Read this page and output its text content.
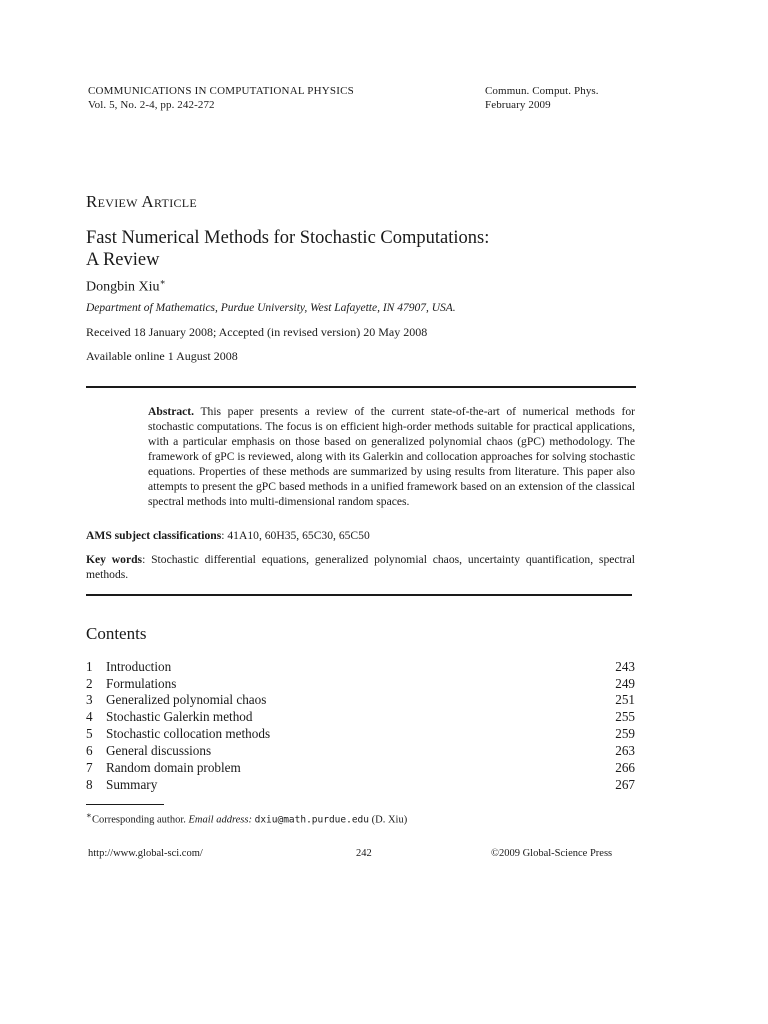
COMMUNICATIONS IN COMPUTATIONAL PHYSICS
Vol. 5, No. 2-4, pp. 242-272
Commun. Comput. Phys.
February 2009
Review Article
Fast Numerical Methods for Stochastic Computations:
A Review
Dongbin Xiu∗
Department of Mathematics, Purdue University, West Lafayette, IN 47907, USA.
Received 18 January 2008; Accepted (in revised version) 20 May 2008
Available online 1 August 2008
Abstract. This paper presents a review of the current state-of-the-art of numerical methods for stochastic computations. The focus is on efficient high-order methods suitable for practical applications, with a particular emphasis on those based on generalized polynomial chaos (gPC) methodology. The framework of gPC is reviewed, along with its Galerkin and collocation approaches for solving stochastic equations. Properties of these methods are summarized by using results from literature. This paper also attempts to present the gPC based methods in a unified framework based on an extension of the classical spectral methods into multi-dimensional random spaces.
AMS subject classifications: 41A10, 60H35, 65C30, 65C50
Key words: Stochastic differential equations, generalized polynomial chaos, uncertainty quantification, spectral methods.
Contents
1 Introduction	243
2 Formulations	249
3 Generalized polynomial chaos	251
4 Stochastic Galerkin method	255
5 Stochastic collocation methods	259
6 General discussions	263
7 Random domain problem	266
8 Summary	267
∗Corresponding author. Email address: dxiu@math.purdue.edu (D. Xiu)
http://www.global-sci.com/	242	©2009 Global-Science Press
